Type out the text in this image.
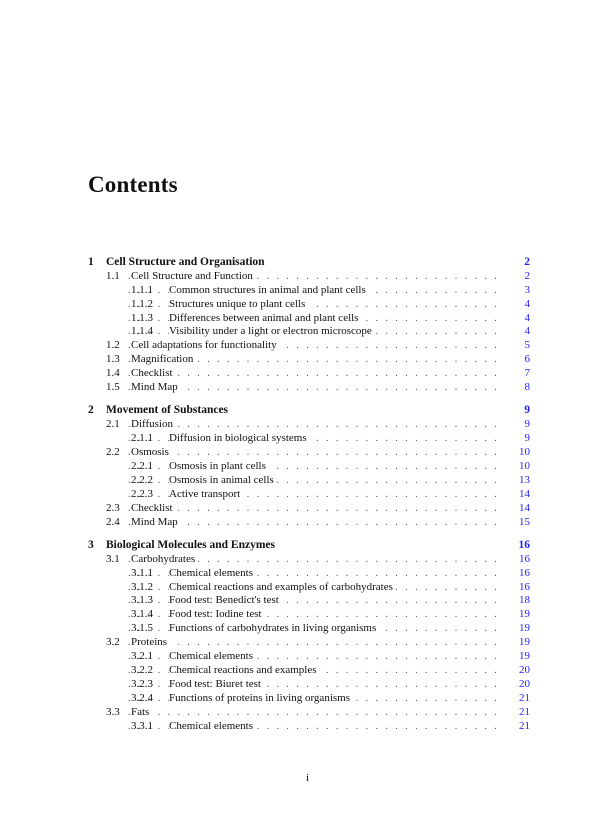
Contents
1 Cell Structure and Organisation	2
1.1 . . . Cell Structure and Function	2
1.1.1 . . . Common structures in animal and plant cells	3
1.1.2 . . . Structures unique to plant cells	4
1.1.3 . . . Differences between animal and plant cells	4
1.1.4 . . . Visibility under a light or electron microscope	4
1.2 . . . Cell adaptations for functionality	5
1.3 . . . Magnification	6
1.4 . . . Checklist	7
1.5 . . . Mind Map	8
2 Movement of Substances	9
2.1 . . . Diffusion	9
2.1.1 . . . Diffusion in biological systems	9
2.2 . . . Osmosis	10
2.2.1 . . . Osmosis in plant cells	10
2.2.2 . . . Osmosis in animal cells	13
2.2.3 . . . Active transport	14
2.3 . . . Checklist	14
2.4 . . . Mind Map	15
3 Biological Molecules and Enzymes	16
3.1 . . . Carbohydrates	16
3.1.1 . . . Chemical elements	16
3.1.2 . . . Chemical reactions and examples of carbohydrates	16
3.1.3 . . . Food test: Benedict's test	18
3.1.4 . . . Food test: Iodine test	19
3.1.5 . . . Functions of carbohydrates in living organisms	19
3.2 . . . Proteins	19
3.2.1 . . . Chemical elements	19
3.2.2 . . . Chemical reactions and examples	20
3.2.3 . . . Food test: Biuret test	20
3.2.4 . . . Functions of proteins in living organisms	21
3.3 . . . Fats	21
3.3.1 . . . Chemical elements	21
i
